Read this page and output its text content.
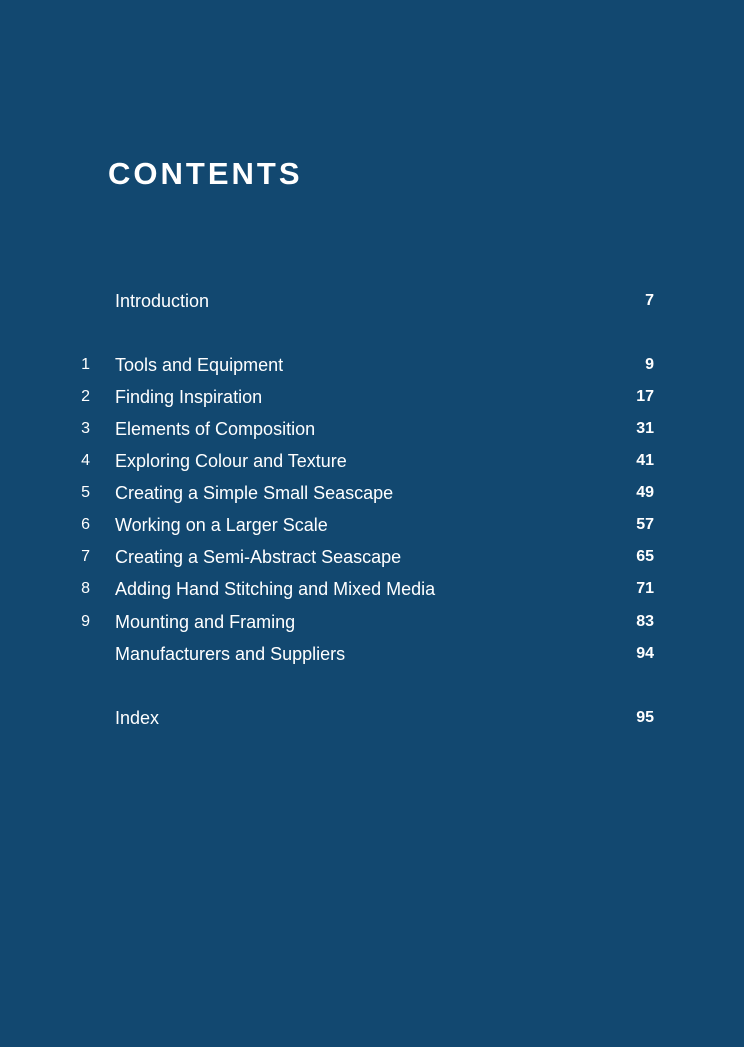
CONTENTS
Introduction	7
1 Tools and Equipment	9
2 Finding Inspiration	17
3 Elements of Composition	31
4 Exploring Colour and Texture	41
5 Creating a Simple Small Seascape	49
6 Working on a Larger Scale	57
7 Creating a Semi-Abstract Seascape	65
8 Adding Hand Stitching and Mixed Media	71
9 Mounting and Framing	83
Manufacturers and Suppliers	94
Index	95
